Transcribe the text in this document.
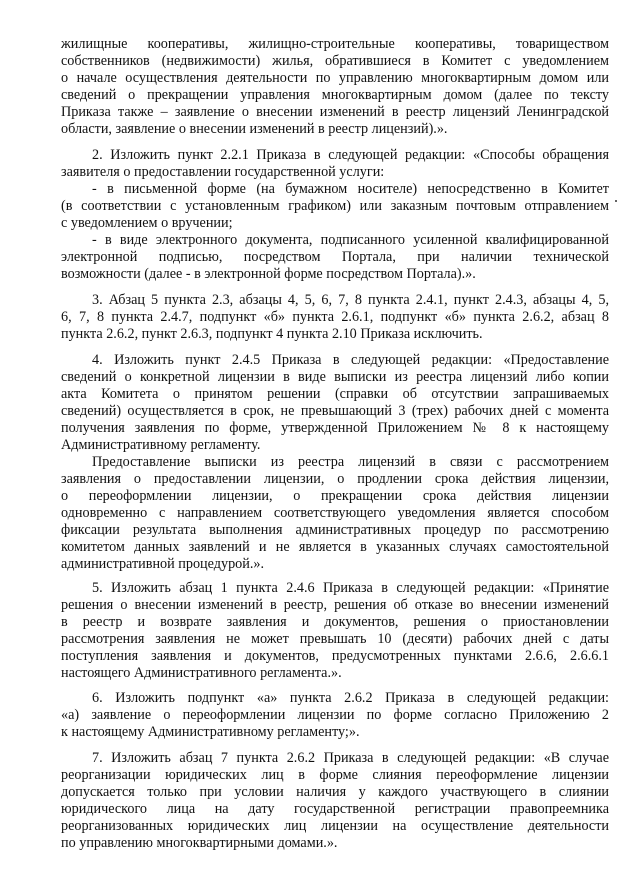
жилищные кооперативы, жилищно-строительные кооперативы, товариществом
собственников (недвижимости) жилья, обратившиеся в Комитет с уведомлением
о начале осуществления деятельности по управлению многоквартирным домом или
сведений о прекращении управления многоквартирным домом (далее по тексту
Приказа также – заявление о внесении изменений в реестр лицензий Ленинградской
области, заявление о внесении изменений в реестр лицензий).».
2. Изложить пункт 2.2.1 Приказа в следующей редакции: «Способы обращения
заявителя о предоставлении государственной услуги:
- в письменной форме (на бумажном носителе) непосредственно в Комитет
(в соответствии с установленным графиком) или заказным почтовым отправлением
с уведомлением о вручении;
- в виде электронного документа, подписанного усиленной квалифицированной
электронной подписью, посредством Портала, при наличии технической
возможности (далее - в электронной форме посредством Портала).».
3. Абзац 5 пункта 2.3, абзацы 4, 5, 6, 7, 8 пункта 2.4.1, пункт 2.4.3, абзацы 4, 5,
6, 7, 8 пункта 2.4.7, подпункт «б» пункта 2.6.1, подпункт «б» пункта 2.6.2, абзац 8
пункта 2.6.2, пункт 2.6.3, подпункт 4 пункта 2.10 Приказа исключить.
4. Изложить пункт 2.4.5 Приказа в следующей редакции: «Предоставление
сведений о конкретной лицензии в виде выписки из реестра лицензий либо копии
акта Комитета о принятом решении (справки об отсутствии запрашиваемых
сведений) осуществляется в срок, не превышающий 3 (трех) рабочих дней с момента
получения заявления по форме, утвержденной Приложением № 8 к настоящему
Административному регламенту.
Предоставление выписки из реестра лицензий в связи с рассмотрением
заявления о предоставлении лицензии, о продлении срока действия лицензии,
о переоформлении лицензии, о прекращении срока действия лицензии
одновременно с направлением соответствующего уведомления является способом
фиксации результата выполнения административных процедур по рассмотрению
комитетом данных заявлений и не является в указанных случаях самостоятельной
административной процедурой.».
5. Изложить абзац 1 пункта 2.4.6 Приказа в следующей редакции: «Принятие
решения о внесении изменений в реестр, решения об отказе во внесении изменений
в реестр и возврате заявления и документов, решения о приостановлении
рассмотрения заявления не может превышать 10 (десяти) рабочих дней с даты
поступления заявления и документов, предусмотренных пунктами 2.6.6, 2.6.6.1
настоящего Административного регламента.».
6. Изложить подпункт «а» пункта 2.6.2 Приказа в следующей редакции:
«а) заявление о переоформлении лицензии по форме согласно Приложению 2
к настоящему Административному регламенту;».
7. Изложить абзац 7 пункта 2.6.2 Приказа в следующей редакции: «В случае
реорганизации юридических лиц в форме слияния переоформление лицензии
допускается только при условии наличия у каждого участвующего в слиянии
юридического лица на дату государственной регистрации правопреемника
реорганизованных юридических лиц лицензии на осуществление деятельности
по управлению многоквартирными домами.».
